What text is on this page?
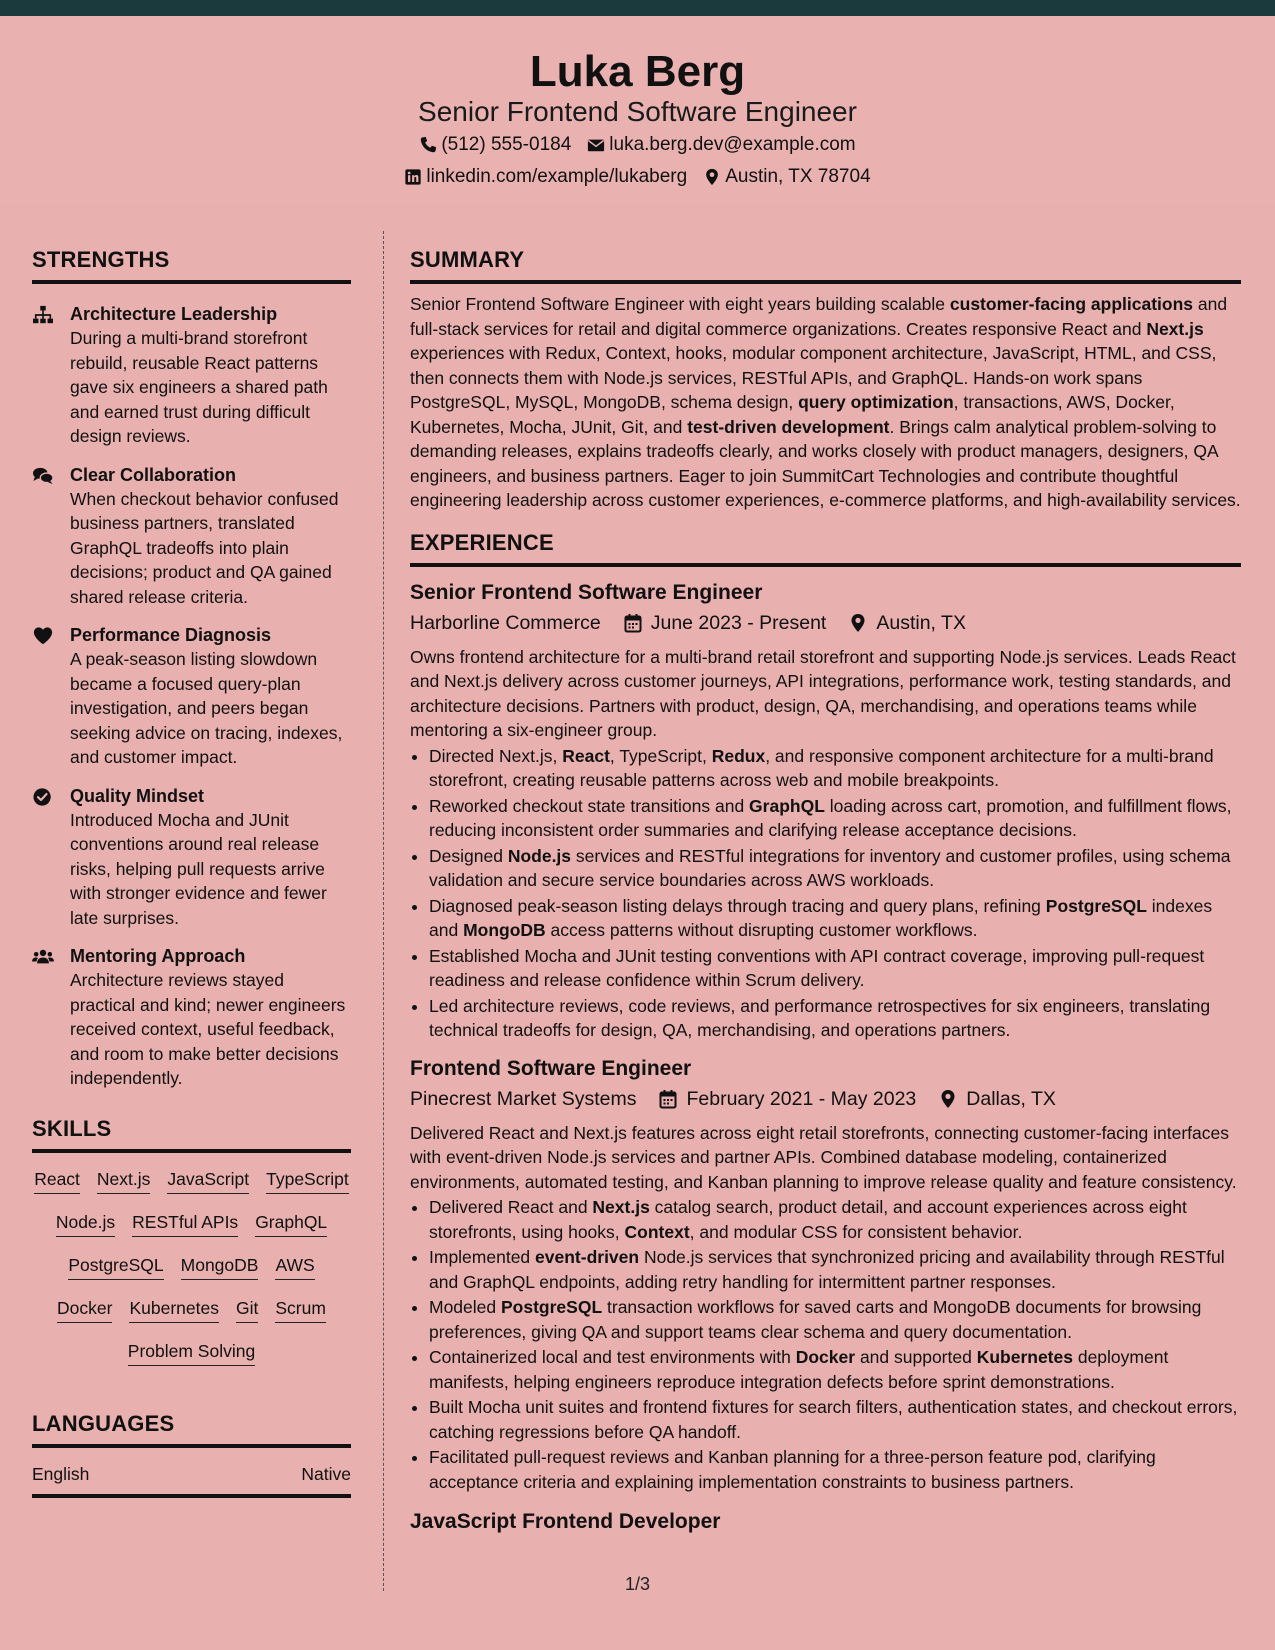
Luka Berg
Senior Frontend Software Engineer
(512) 555-0184 luka.berg.dev@example.com
linkedin.com/example/lukaberg Austin, TX 78704
STRENGTHS
Architecture Leadership
During a multi-brand storefront rebuild, reusable React patterns gave six engineers a shared path and earned trust during difficult design reviews.
Clear Collaboration
When checkout behavior confused business partners, translated GraphQL tradeoffs into plain decisions; product and QA gained shared release criteria.
Performance Diagnosis
A peak-season listing slowdown became a focused query-plan investigation, and peers began seeking advice on tracing, indexes, and customer impact.
Quality Mindset
Introduced Mocha and JUnit conventions around real release risks, helping pull requests arrive with stronger evidence and fewer late surprises.
Mentoring Approach
Architecture reviews stayed practical and kind; newer engineers received context, useful feedback, and room to make better decisions independently.
SKILLS
React Next.js JavaScript TypeScript
Node.js RESTful APIs GraphQL
PostgreSQL MongoDB AWS
Docker Kubernetes Git Scrum
Problem Solving
LANGUAGES
English	Native
SUMMARY

Senior Frontend Software Engineer with eight years building scalable customer-facing applications and full-stack services for retail and digital commerce organizations. Creates responsive React and Next.js experiences with Redux, Context, hooks, modular component architecture, JavaScript, HTML, and CSS, then connects them with Node.js services, RESTful APIs, and GraphQL. Hands-on work spans PostgreSQL, MySQL, MongoDB, schema design, query optimization, transactions, AWS, Docker, Kubernetes, Mocha, JUnit, Git, and test-driven development. Brings calm analytical problem-solving to demanding releases, explains tradeoffs clearly, and works closely with product managers, designers, QA engineers, and business partners. Eager to join SummitCart Technologies and contribute thoughtful engineering leadership across customer experiences, e-commerce platforms, and high-availability services.

EXPERIENCE
Senior Frontend Software Engineer
Harborline Commerce	June 2023 - Present	Austin, TX
Owns frontend architecture for a multi-brand retail storefront and supporting Node.js services. Leads React and Next.js delivery across customer journeys, API integrations, performance work, testing standards, and architecture decisions. Partners with product, design, QA, merchandising, and operations teams while mentoring a six-engineer group.
• Directed Next.js, React, TypeScript, Redux, and responsive component architecture for a multi-brand storefront, creating reusable patterns across web and mobile breakpoints.
• Reworked checkout state transitions and GraphQL loading across cart, promotion, and fulfillment flows, reducing inconsistent order summaries and clarifying release acceptance decisions.
• Designed Node.js services and RESTful integrations for inventory and customer profiles, using schema validation and secure service boundaries across AWS workloads.
• Diagnosed peak-season listing delays through tracing and query plans, refining PostgreSQL indexes and MongoDB access patterns without disrupting customer workflows.
• Established Mocha and JUnit testing conventions with API contract coverage, improving pull-request readiness and release confidence within Scrum delivery.
• Led architecture reviews, code reviews, and performance retrospectives for six engineers, translating technical tradeoffs for design, QA, merchandising, and operations partners.
Frontend Software Engineer
Pinecrest Market Systems	February 2021 - May 2023	Dallas, TX
Delivered React and Next.js features across eight retail storefronts, connecting customer-facing interfaces with event-driven Node.js services and partner APIs. Combined database modeling, containerized environments, automated testing, and Kanban planning to improve release quality and feature consistency.
• Delivered React and Next.js catalog search, product detail, and account experiences across eight storefronts, using hooks, Context, and modular CSS for consistent behavior.
• Implemented event-driven Node.js services that synchronized pricing and availability through RESTful and GraphQL endpoints, adding retry handling for intermittent partner responses.
• Modeled PostgreSQL transaction workflows for saved carts and MongoDB documents for browsing preferences, giving QA and support teams clear schema and query documentation.
• Containerized local and test environments with Docker and supported Kubernetes deployment manifests, helping engineers reproduce integration defects before sprint demonstrations.
• Built Mocha unit suites and frontend fixtures for search filters, authentication states, and checkout errors, catching regressions before QA handoff.
• Facilitated pull-request reviews and Kanban planning for a three-person feature pod, clarifying acceptance criteria and explaining implementation constraints to business partners.
JavaScript Frontend Developer
1/3
